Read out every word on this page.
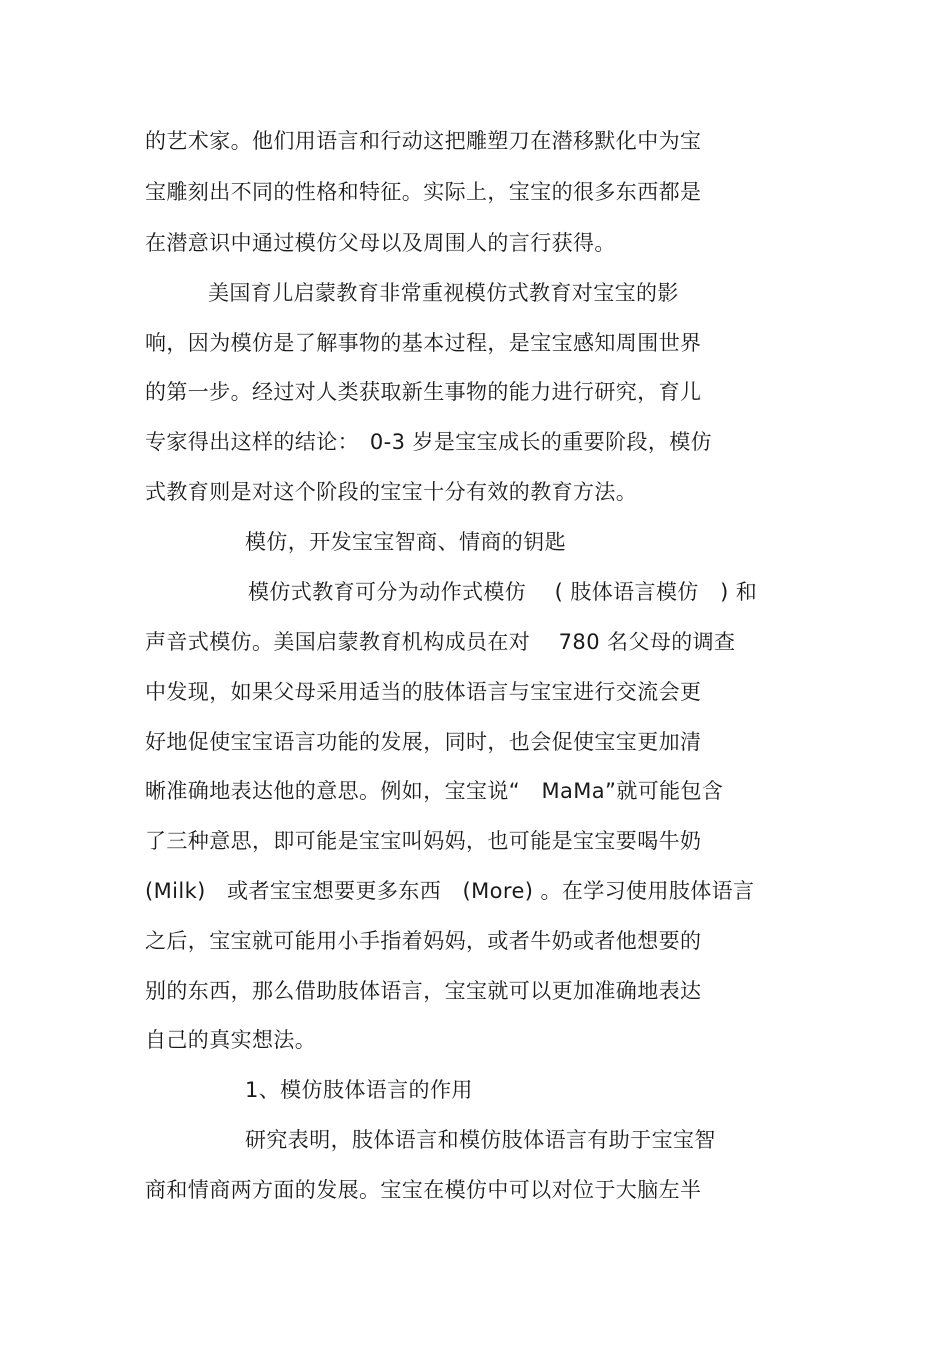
的艺术家。他们用语言和行动这把雕塑刀在潜移默化中为宝
宝雕刻出不同的性格和特征。实际上，宝宝的很多东西都是
在潜意识中通过模仿父母以及周围人的言行获得。
美国育儿启蒙教育非常重视模仿式教育对宝宝的影
响，因为模仿是了解事物的基本过程，是宝宝感知周围世界
的第一步。经过对人类获取新生事物的能力进行研究，育儿
专家得出这样的结论：　0-3 岁是宝宝成长的重要阶段，模仿
式教育则是对这个阶段的宝宝十分有效的教育方法。
模仿，开发宝宝智商、情商的钥匙
模仿式教育可分为动作式模仿　 ( 肢体语言模仿　) 和
声音式模仿。美国启蒙教育机构成员在对　 780 名父母的调查
中发现，如果父母采用适当的肢体语言与宝宝进行交流会更
好地促使宝宝语言功能的发展，同时，也会促使宝宝更加清
晰准确地表达他的意思。例如，宝宝说“　MaMa”就可能包含
了三种意思，即可能是宝宝叫妈妈，也可能是宝宝要喝牛奶
(Milk)　或者宝宝想要更多东西　(More) 。在学习使用肢体语言
之后，宝宝就可能用小手指着妈妈，或者牛奶或者他想要的
别的东西，那么借助肢体语言，宝宝就可以更加准确地表达
自己的真实想法。
1、模仿肢体语言的作用
研究表明，肢体语言和模仿肢体语言有助于宝宝智
商和情商两方面的发展。宝宝在模仿中可以对位于大脑左半
